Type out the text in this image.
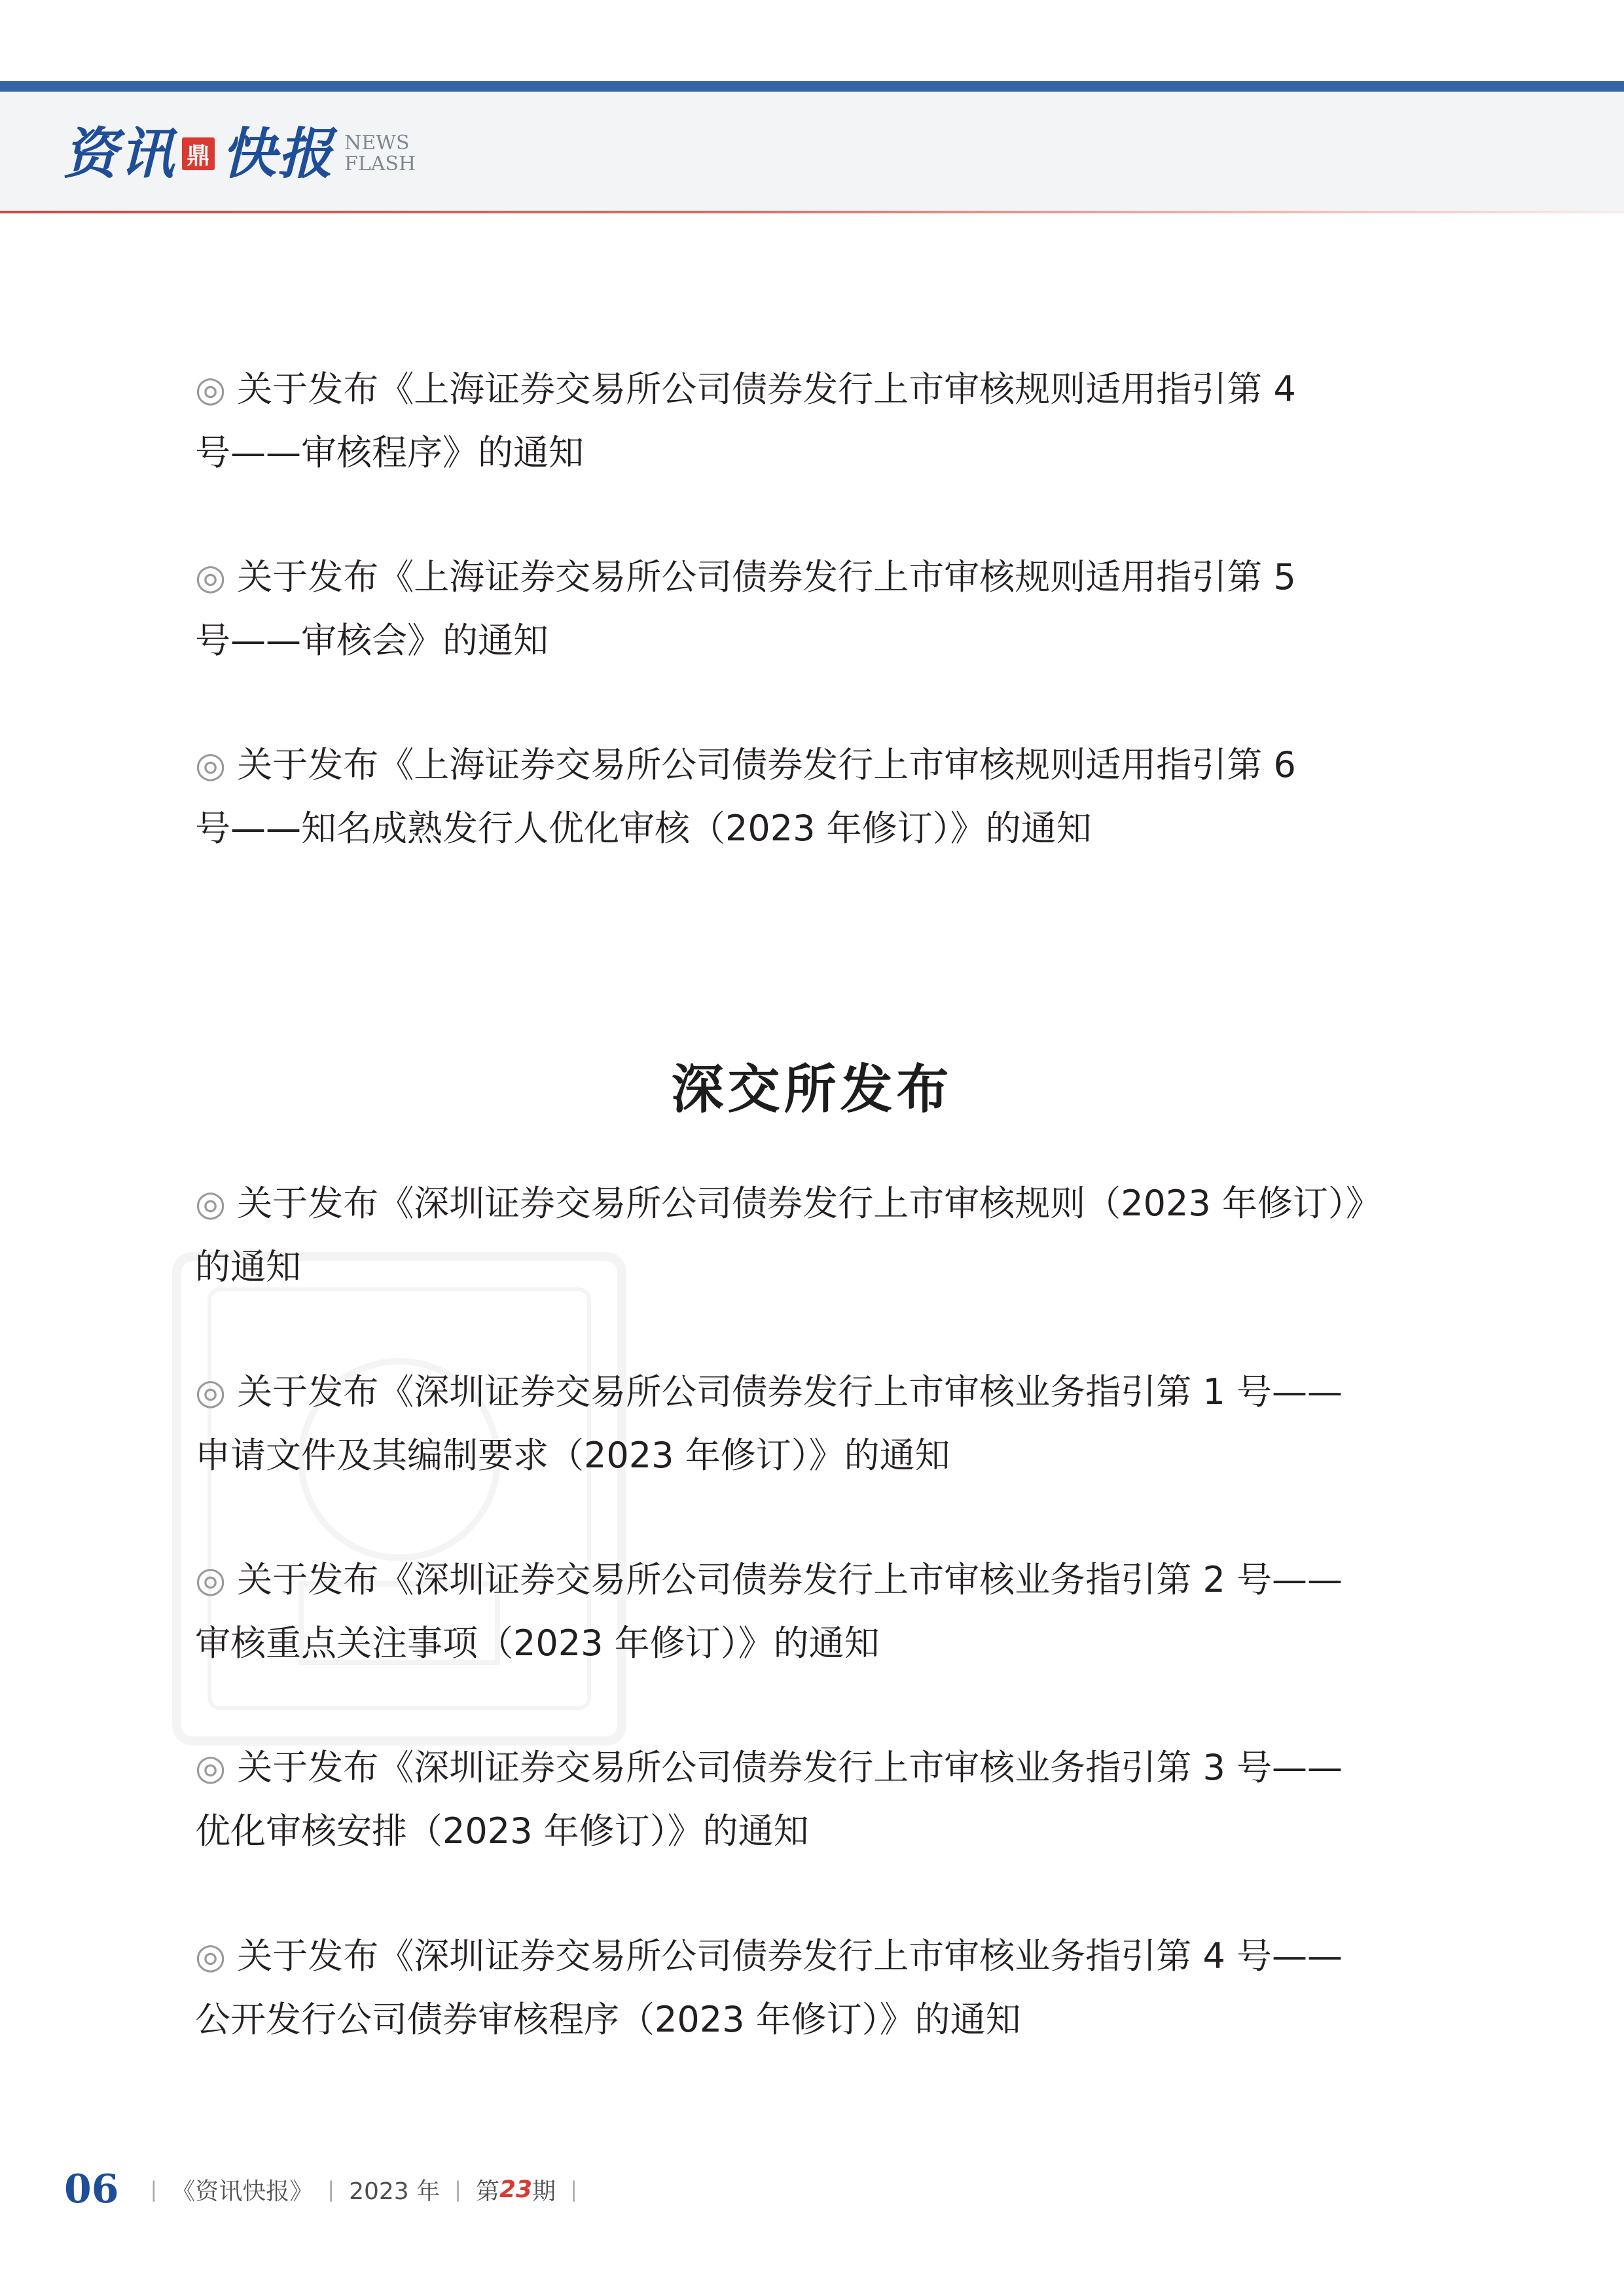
资讯 鼎 快报 NEWS
FLASH
◎ 关于发布《上海证券交易所公司债券发行上市审核规则适用指引第 4
号——审核程序》的通知
◎ 关于发布《上海证券交易所公司债券发行上市审核规则适用指引第 5
号——审核会》的通知
◎ 关于发布《上海证券交易所公司债券发行上市审核规则适用指引第 6
号——知名成熟发行人优化审核（2023 年修订）》的通知
深交所发布
◎ 关于发布《深圳证券交易所公司债券发行上市审核规则（2023 年修订）》
的通知
◎ 关于发布《深圳证券交易所公司债券发行上市审核业务指引第 1 号——
申请文件及其编制要求（2023 年修订）》的通知
◎ 关于发布《深圳证券交易所公司债券发行上市审核业务指引第 2 号——
审核重点关注事项（2023 年修订）》的通知
◎ 关于发布《深圳证券交易所公司债券发行上市审核业务指引第 3 号——
优化审核安排（2023 年修订）》的通知
◎ 关于发布《深圳证券交易所公司债券发行上市审核业务指引第 4 号——
公开发行公司债券审核程序（2023 年修订）》的通知
06 | 《资讯快报》 | 2023 年 | 第 23 期 |
